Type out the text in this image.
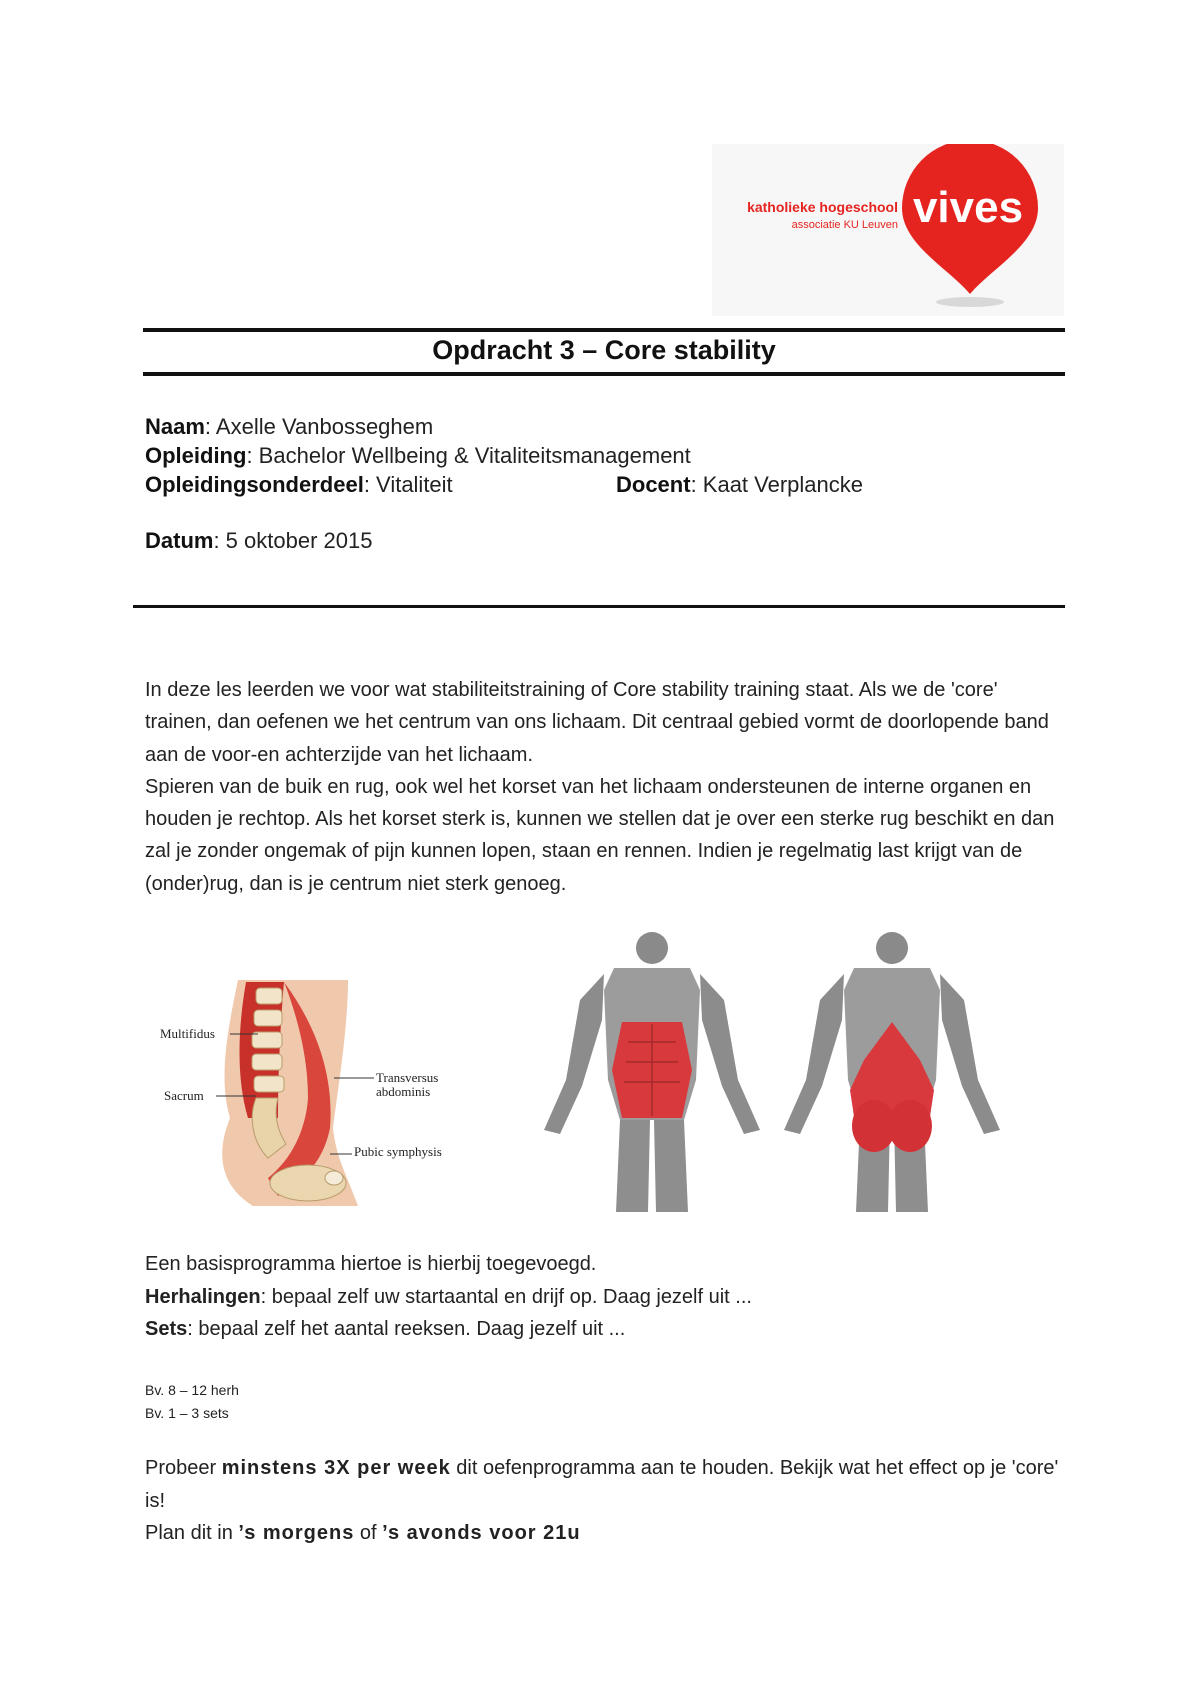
vives
katholieke hogeschool
associatie KU Leuven
Opdracht 3 – Core stability
Naam: Axelle Vanbosseghem
Opleiding: Bachelor Wellbeing & Vitaliteitsmanagement
Opleidingsonderdeel: Vitaliteit	Docent: Kaat Verplancke
Datum: 5 oktober 2015

In deze les leerden we voor wat stabiliteitstraining of Core stability training staat. Als we de 'core' trainen, dan oefenen we het centrum van ons lichaam. Dit centraal gebied vormt de doorlopende band aan de voor-en achterzijde van het lichaam.

Spieren van de buik en rug, ook wel het korset van het lichaam ondersteunen de interne organen en houden je rechtop. Als het korset sterk is, kunnen we stellen dat je over een sterke rug beschikt en dan zal je zonder ongemak of pijn kunnen lopen, staan en rennen. Indien je regelmatig last krijgt van de (onder)rug, dan is je centrum niet sterk genoeg.

Multifidus
Sacrum
Transversus
abdominis
Pubic symphysis

Een basisprogramma hiertoe is hierbij toegevoegd.

Herhalingen: bepaal zelf uw startaantal en drijf op. Daag jezelf uit ...

Sets: bepaal zelf het aantal reeksen. Daag jezelf uit ...

Bv. 8 – 12 herh
Bv. 1 – 3 sets

Probeer minstens 3X per week dit oefenprogramma aan te houden. Bekijk wat het effect op je 'core' is!

Plan dit in ’s morgens of ’s avonds voor 21u
